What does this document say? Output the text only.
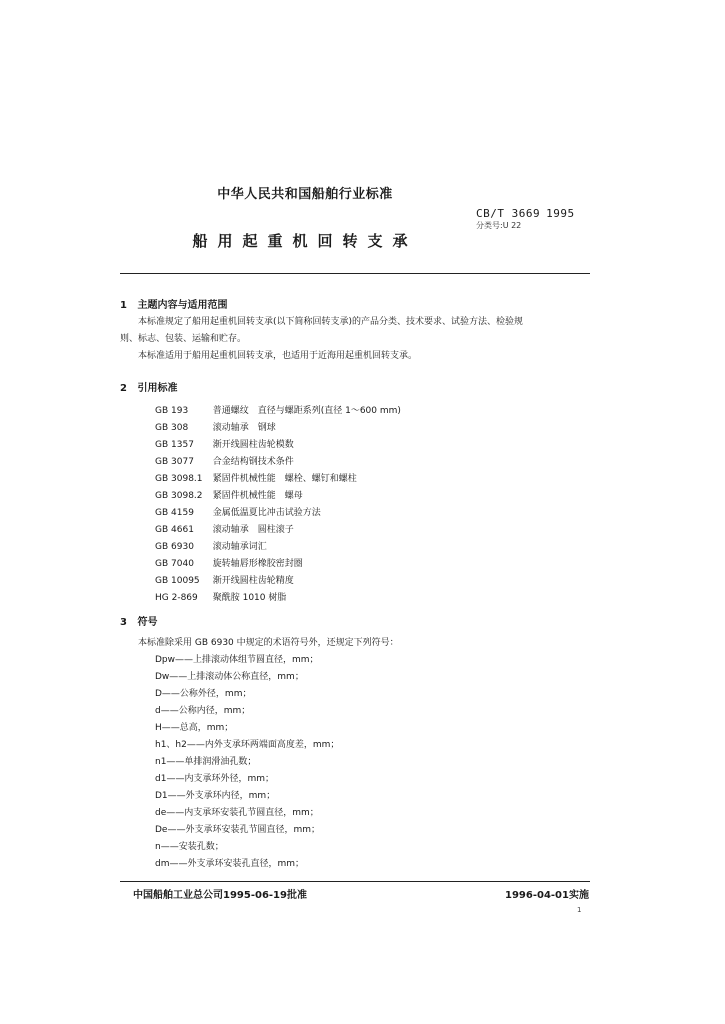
中华人民共和国船舶行业标准
CB/T 3669 1995
分类号:U 22
船用起重机回转支承
1 主题内容与适用范围
本标准规定了船用起重机回转支承(以下简称回转支承)的产品分类、技术要求、试验方法、检验规
则、标志、包装、运输和贮存。
本标准适用于船用起重机回转支承，也适用于近海用起重机回转支承。
2 引用标准
GB 193	普通螺纹　直径与螺距系列(直径 1～600 mm)
GB 308	滚动轴承　钢球
GB 1357 渐开线圆柱齿轮模数
GB 3077 合金结构钢技术条件
GB 3098.1 紧固件机械性能　螺栓、螺钉和螺柱
GB 3098.2 紧固件机械性能　螺母
GB 4159 金属低温夏比冲击试验方法
GB 4661 滚动轴承　圆柱滚子
GB 6930 滚动轴承词汇
GB 7040 旋转轴唇形橡胶密封圈
GB 10095 渐开线圆柱齿轮精度
HG 2-869 聚酰胺 1010 树脂
3 符号
本标准除采用 GB 6930 中规定的术语符号外，还规定下列符号：
Dpw——上排滚动体组节圆直径，mm；
Dw——上排滚动体公称直径，mm；
D——公称外径，mm；
d——公称内径，mm；
H——总高，mm；
h1、h2——内外支承环两端面高度差，mm；
n1——单排润滑油孔数；
d1——内支承环外径，mm；
D1——外支承环内径，mm；
de——内支承环安装孔节圆直径，mm；
De——外支承环安装孔节圆直径，mm；
n——安装孔数；
dm——外支承环安装孔直径，mm；
中国船舶工业总公司1995-06-19批准	1996-04-01实施
1
